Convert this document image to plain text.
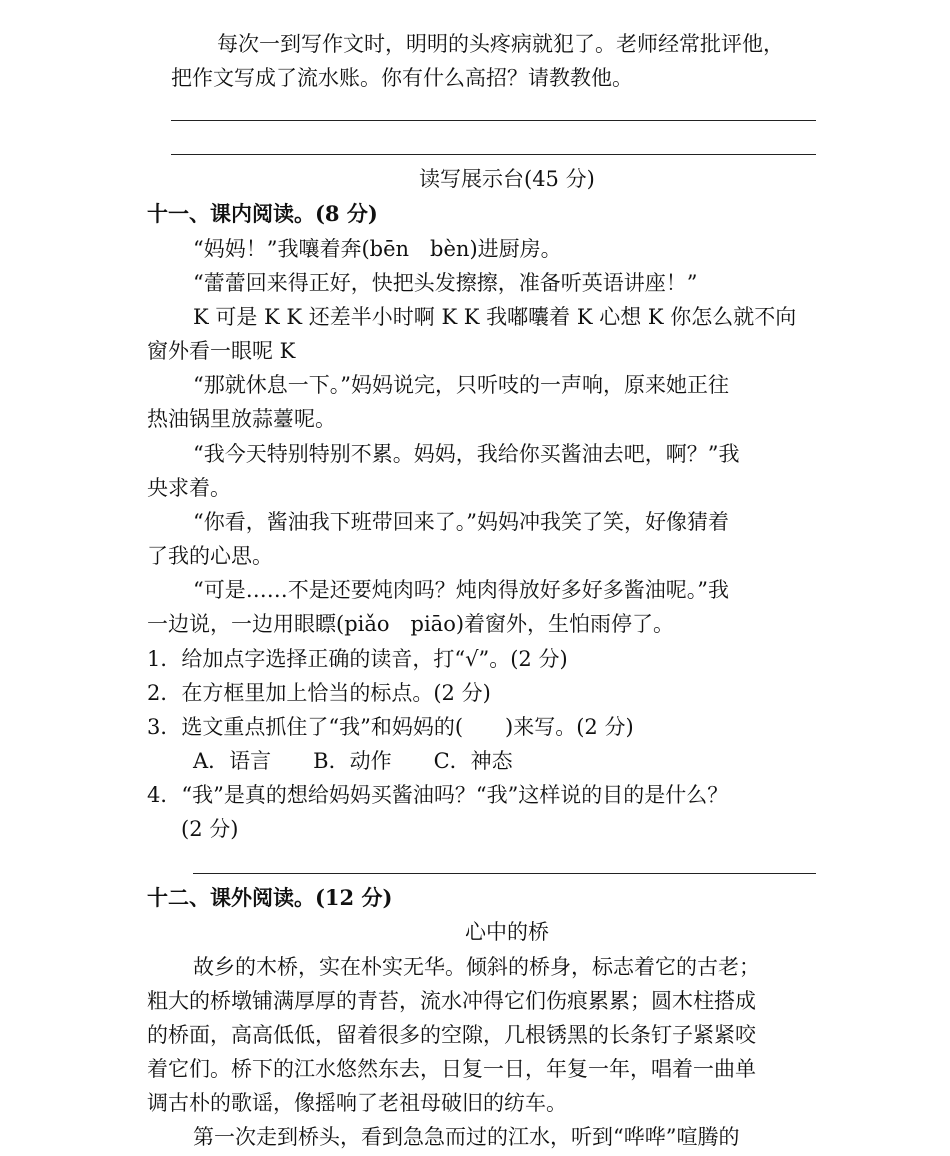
每次一到写作文时，明明的头疼病就犯了。老师经常批评他，
把作文写成了流水账。你有什么高招？请教教他。
读写展示台(45 分)
十一、课内阅读。(8 分)
“妈妈！”我嚷着奔(bēn　bèn)进厨房。
“蕾蕾回来得正好，快把头发擦擦，准备听英语讲座！”
K 可是 K K 还差半小时啊 K K 我嘟囔着 K 心想 K 你怎么就不向
窗外看一眼呢 K
“那就休息一下。”妈妈说完，只听吱的一声响，原来她正往
热油锅里放蒜薹呢。
“我今天特别特别不累。妈妈，我给你买酱油去吧，啊？”我
央求着。
“你看，酱油我下班带回来了。”妈妈冲我笑了笑，好像猜着
了我的心思。
“可是……不是还要炖肉吗？炖肉得放好多好多酱油呢。”我
一边说，一边用眼瞟(piǎo　piāo)着窗外，生怕雨停了。
1．给加点字选择正确的读音，打“√”。(2 分)
2．在方框里加上恰当的标点。(2 分)
3．选文重点抓住了“我”和妈妈的(　　)来写。(2 分)
A．语言　　B．动作　　C．神态
4．“我”是真的想给妈妈买酱油吗？“我”这样说的目的是什么？
(2 分)
十二、课外阅读。(12 分)
心中的桥
故乡的木桥，实在朴实无华。倾斜的桥身，标志着它的古老；
粗大的桥墩铺满厚厚的青苔，流水冲得它们伤痕累累；圆木柱搭成
的桥面，高高低低，留着很多的空隙，几根锈黑的长条钉子紧紧咬
着它们。桥下的江水悠然东去，日复一日，年复一年，唱着一曲单
调古朴的歌谣，像摇响了老祖母破旧的纺车。
第一次走到桥头，看到急急而过的江水，听到“哗哗”喧腾的
